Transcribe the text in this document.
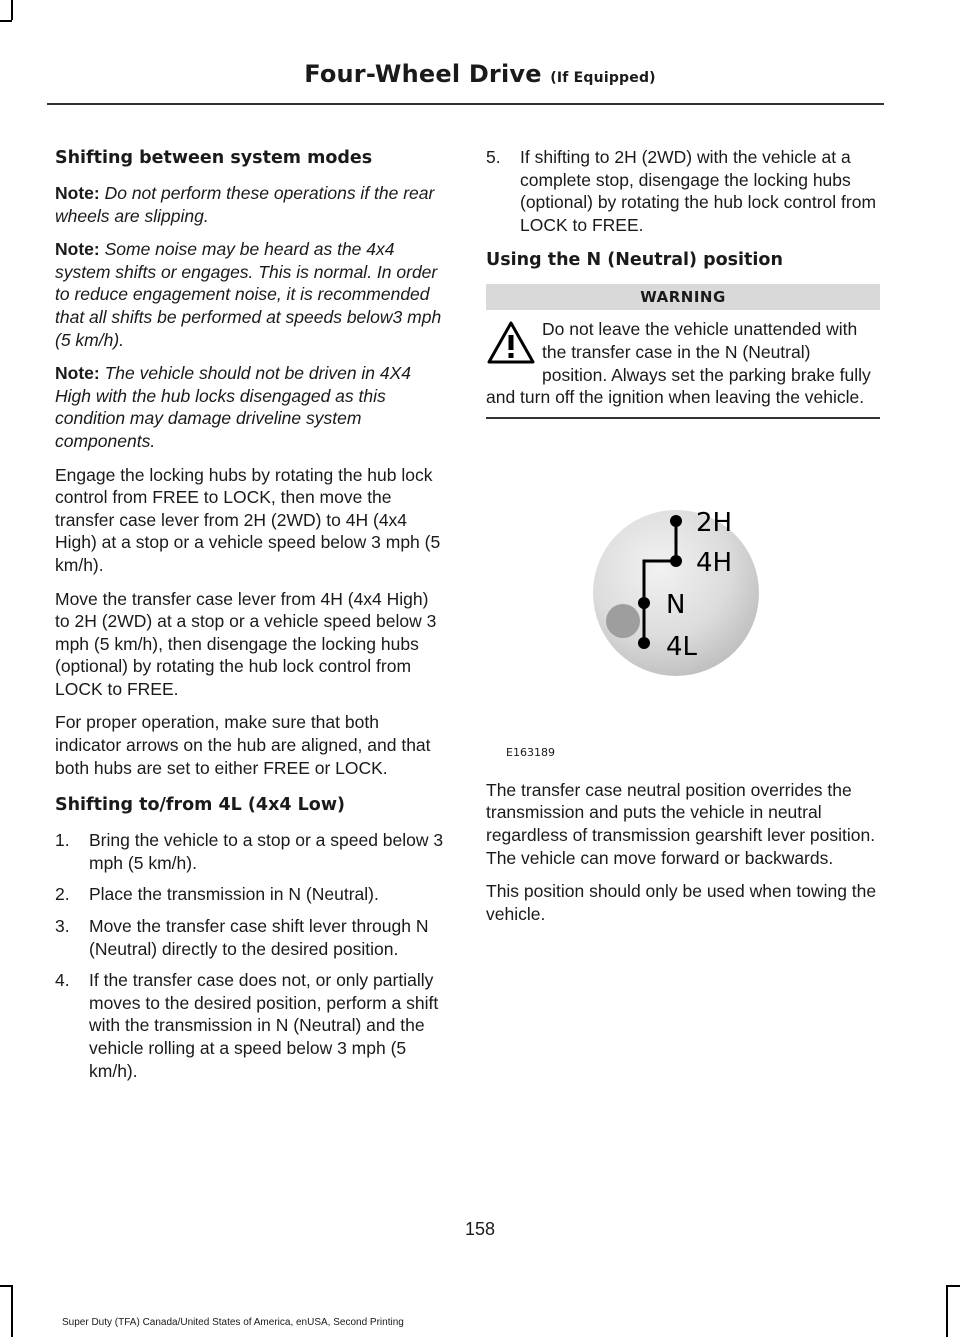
Four-Wheel Drive (If Equipped)
Shifting between system modes

Note: Do not perform these operations if the rear wheels are slipping.

Note: Some noise may be heard as the 4x4 system shifts or engages. This is normal. In order to reduce engagement noise, it is recommended that all shifts be performed at speeds below3 mph (5 km/h).

Note: The vehicle should not be driven in 4X4 High with the hub locks disengaged as this condition may damage driveline system components.

Engage the locking hubs by rotating the hub lock control from FREE to LOCK, then move the transfer case lever from 2H (2WD) to 4H (4x4 High) at a stop or a vehicle speed below 3 mph (5 km/h).

Move the transfer case lever from 4H (4x4 High) to 2H (2WD) at a stop or a vehicle speed below 3 mph (5 km/h), then disengage the locking hubs (optional) by rotating the hub lock control from LOCK to FREE.

For proper operation, make sure that both indicator arrows on the hub are aligned, and that both hubs are set to either FREE or LOCK.

Shifting to/from 4L (4x4 Low)
1. Bring the vehicle to a stop or a speed below 3 mph (5 km/h).
2. Place the transmission in N (Neutral).
3. Move the transfer case shift lever through N (Neutral) directly to the desired position.
4. If the transfer case does not, or only partially moves to the desired position, perform a shift with the transmission in N (Neutral) and the vehicle rolling at a speed below 3 mph (5 km/h).
5. If shifting to 2H (2WD) with the vehicle at a complete stop, disengage the locking hubs (optional) by rotating the hub lock control from LOCK to FREE.
Using the N (Neutral) position
WARNING
Do not leave the vehicle unattended with the transfer case in the N (Neutral) position. Always set the parking brake fully and turn off the ignition when leaving the vehicle.
2H
4H
N
4L
E163189

The transfer case neutral position overrides the transmission and puts the vehicle in neutral regardless of transmission gearshift lever position. The vehicle can move forward or backwards.

This position should only be used when towing the vehicle.

158
Super Duty (TFA) Canada/United States of America, enUSA, Second Printing
